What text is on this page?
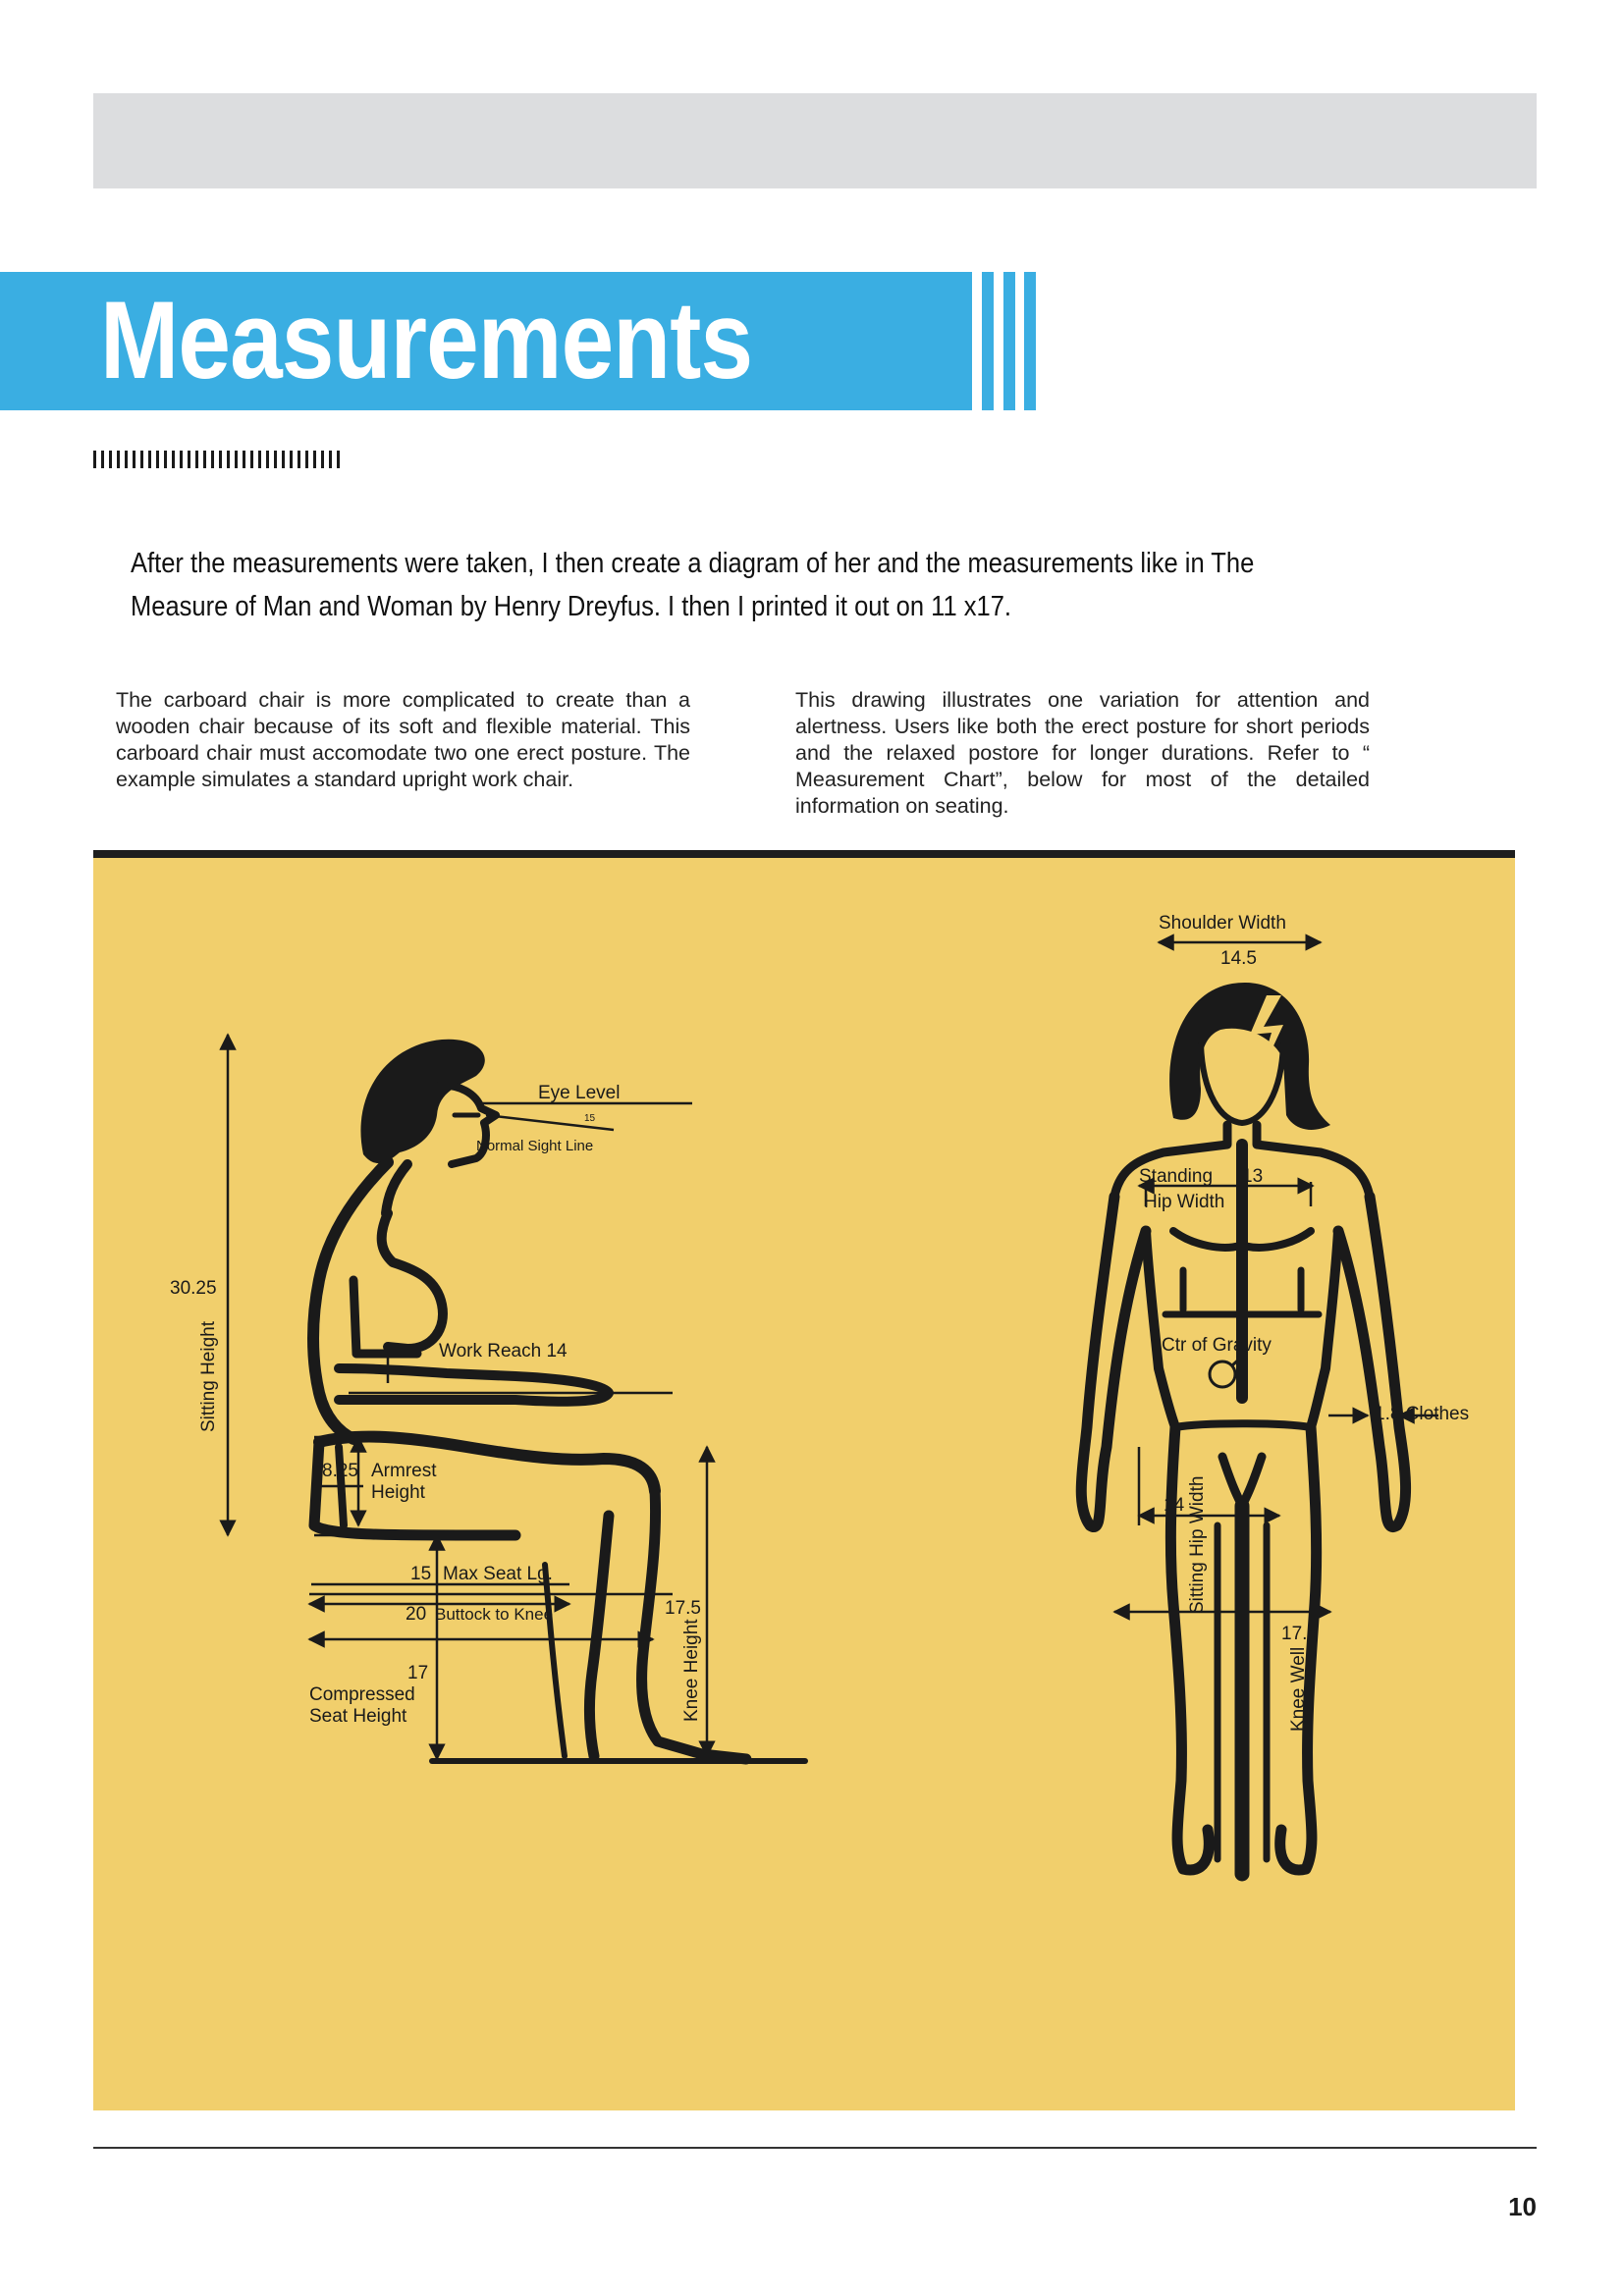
Measurements

After the measurements were taken, I then create a diagram of her and the measurements like in The Measure of Man and Woman by Henry Dreyfus. I then I printed it out on 11 x17.

The carboard chair is more complicated to create than a wooden chair because of its soft and flexible material. This carboard chair must accomodate two one erect posture. The example simulates a standard upright work chair.

This drawing illustrates one variation for attention and alertness. Users like both the erect posture for short periods and the relaxed postore for longer durations. Refer to “ Measurement Chart”, below for most of the detailed information on seating.

Eye Level
15
Normal Sight Line
30.25
Sitting Height	Work Reach 14
8.25 Armrest
Height
15 Max Seat Lg.
20 Buttock to Knee	17.5
Knee Height
17
Compressed
Seat Height
Shoulder Width
14.5
Standing 13
Hip Width
Ctr of Gravity
1.8 Clothes
14 Sitting Hip Width
17.5
Knee Well
10
